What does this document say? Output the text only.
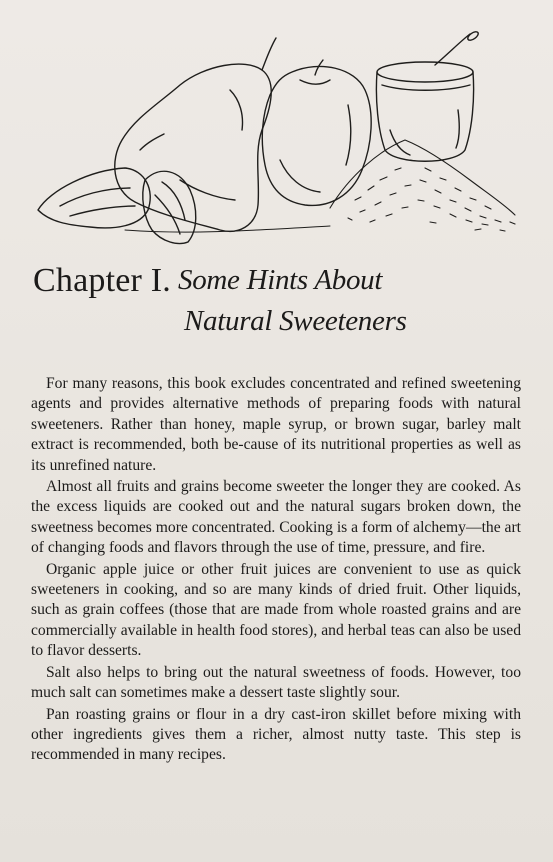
Chapter I. Some Hints About
Natural Sweeteners

For many reasons, this book excludes concentrated and refined sweetening agents and provides alternative methods of preparing foods with natural sweeteners. Rather than honey, maple syrup, or brown sugar, barley malt extract is recommended, both be-cause of its nutritional properties as well as its unrefined nature.

Almost all fruits and grains become sweeter the longer they are cooked. As the excess liquids are cooked out and the natural sugars broken down, the sweetness becomes more concentrated. Cooking is a form of alchemy—the art of changing foods and flavors through the use of time, pressure, and fire.

Organic apple juice or other fruit juices are convenient to use as quick sweeteners in cooking, and so are many kinds of dried fruit. Other liquids, such as grain coffees (those that are made from whole roasted grains and are commercially available in health food stores), and herbal teas can also be used to flavor desserts.

Salt also helps to bring out the natural sweetness of foods. However, too much salt can sometimes make a dessert taste slightly sour.

Pan roasting grains or flour in a dry cast-iron skillet before mixing with other ingredients gives them a richer, almost nutty taste. This step is recommended in many recipes.
